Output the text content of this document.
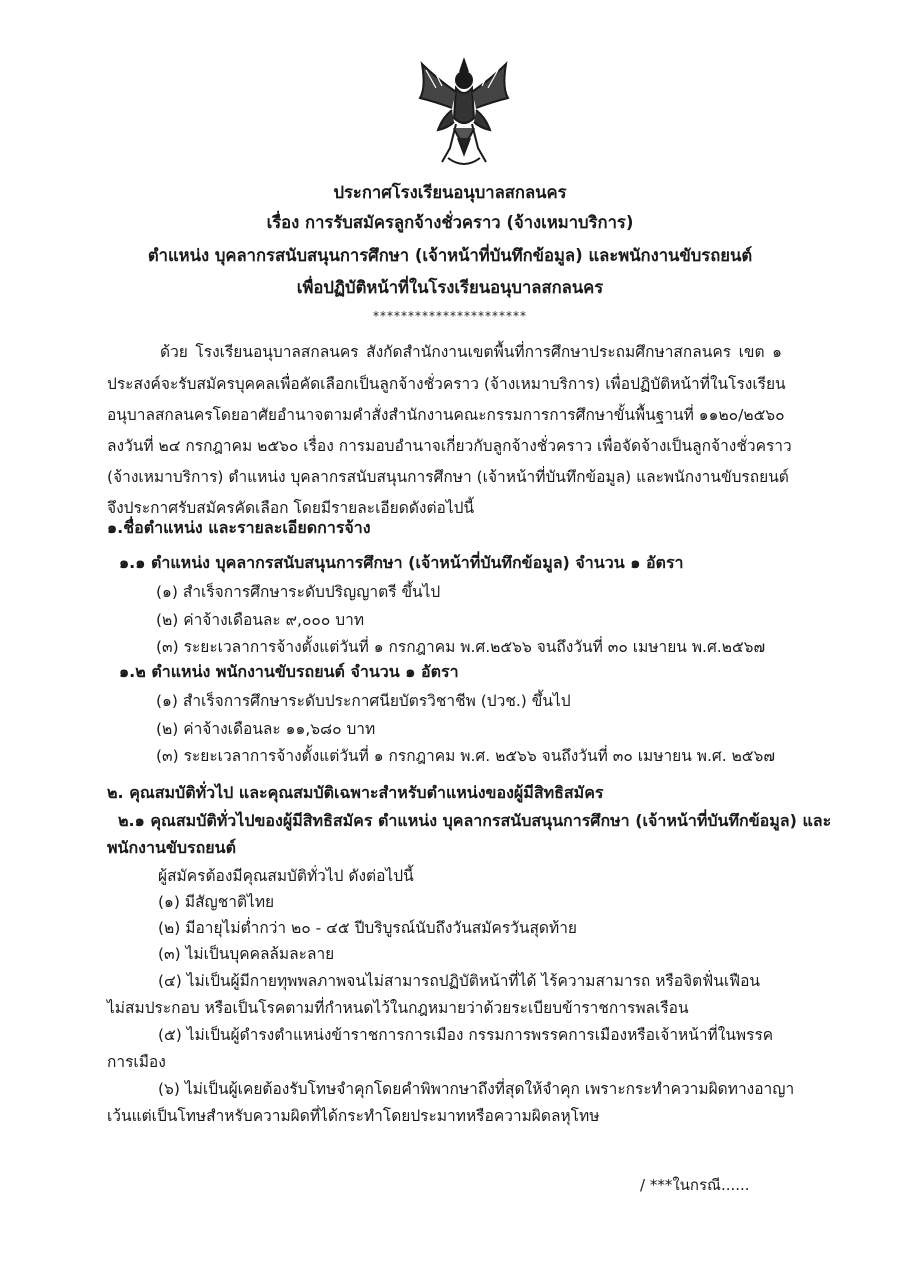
ประกาศโรงเรียนอนุบาลสกลนคร
เรื่อง การรับสมัครลูกจ้างชั่วคราว (จ้างเหมาบริการ)
ตำแหน่ง บุคลากรสนับสนุนการศึกษา (เจ้าหน้าที่บันทึกข้อมูล) และพนักงานขับรถยนต์
เพื่อปฏิบัติหน้าที่ในโรงเรียนอนุบาลสกลนคร
**********************
ด้วย โรงเรียนอนุบาลสกลนคร สังกัดสำนักงานเขตพื้นที่การศึกษาประถมศึกษาสกลนคร เขต ๑
ประสงค์จะรับสมัครบุคคลเพื่อคัดเลือกเป็นลูกจ้างชั่วคราว (จ้างเหมาบริการ) เพื่อปฏิบัติหน้าที่ในโรงเรียน
อนุบาลสกลนครโดยอาศัยอำนาจตามคำสั่งสำนักงานคณะกรรมการการศึกษาขั้นพื้นฐานที่ ๑๑๒๐/๒๕๖๐
ลงวันที่ ๒๔ กรกฎาคม ๒๕๖๐ เรื่อง การมอบอำนาจเกี่ยวกับลูกจ้างชั่วคราว เพื่อจัดจ้างเป็นลูกจ้างชั่วคราว
(จ้างเหมาบริการ) ตำแหน่ง บุคลากรสนับสนุนการศึกษา (เจ้าหน้าที่บันทึกข้อมูล) และพนักงานขับรถยนต์
จึงประกาศรับสมัครคัดเลือก โดยมีรายละเอียดดังต่อไปนี้
๑.ชื่อตำแหน่ง และรายละเอียดการจ้าง
๑.๑ ตำแหน่ง บุคลากรสนับสนุนการศึกษา (เจ้าหน้าที่บันทึกข้อมูล) จำนวน ๑ อัตรา
(๑) สำเร็จการศึกษาระดับปริญญาตรี ขึ้นไป
(๒) ค่าจ้างเดือนละ ๙,๐๐๐ บาท
(๓) ระยะเวลาการจ้างตั้งแต่วันที่ ๑ กรกฎาคม พ.ศ.๒๕๖๖ จนถึงวันที่ ๓๐ เมษายน พ.ศ.๒๕๖๗
๑.๒ ตำแหน่ง พนักงานขับรถยนต์ จำนวน ๑ อัตรา
(๑) สำเร็จการศึกษาระดับประกาศนียบัตรวิชาชีพ (ปวช.) ขึ้นไป
(๒) ค่าจ้างเดือนละ ๑๑,๖๘๐ บาท
(๓) ระยะเวลาการจ้างตั้งแต่วันที่ ๑ กรกฎาคม พ.ศ. ๒๕๖๖ จนถึงวันที่ ๓๐ เมษายน พ.ศ. ๒๕๖๗
๒. คุณสมบัติทั่วไป และคุณสมบัติเฉพาะสำหรับตำแหน่งของผู้มีสิทธิสมัคร
๒.๑ คุณสมบัติทั่วไปของผู้มีสิทธิสมัคร ตำแหน่ง บุคลากรสนับสนุนการศึกษา (เจ้าหน้าที่บันทึกข้อมูล) และ
พนักงานขับรถยนต์
ผู้สมัครต้องมีคุณสมบัติทั่วไป ดังต่อไปนี้
(๑) มีสัญชาติไทย
(๒) มีอายุไม่ต่ำกว่า ๒๐ - ๔๕ ปีบริบูรณ์นับถึงวันสมัครวันสุดท้าย
(๓) ไม่เป็นบุคคลล้มละลาย
(๔) ไม่เป็นผู้มีกายทุพพลภาพจนไม่สามารถปฏิบัติหน้าที่ได้ ไร้ความสามารถ หรือจิตฟั่นเฟือน
ไม่สมประกอบ หรือเป็นโรคตามที่กำหนดไว้ในกฎหมายว่าด้วยระเบียบข้าราชการพลเรือน
(๕) ไม่เป็นผู้ดำรงตำแหน่งข้าราชการการเมือง กรรมการพรรคการเมืองหรือเจ้าหน้าที่ในพรรค
การเมือง
(๖) ไม่เป็นผู้เคยต้องรับโทษจำคุกโดยคำพิพากษาถึงที่สุดให้จำคุก เพราะกระทำความผิดทางอาญา
เว้นแต่เป็นโทษสำหรับความผิดที่ได้กระทำโดยประมาทหรือความผิดลหุโทษ
/ ***ในกรณี......
